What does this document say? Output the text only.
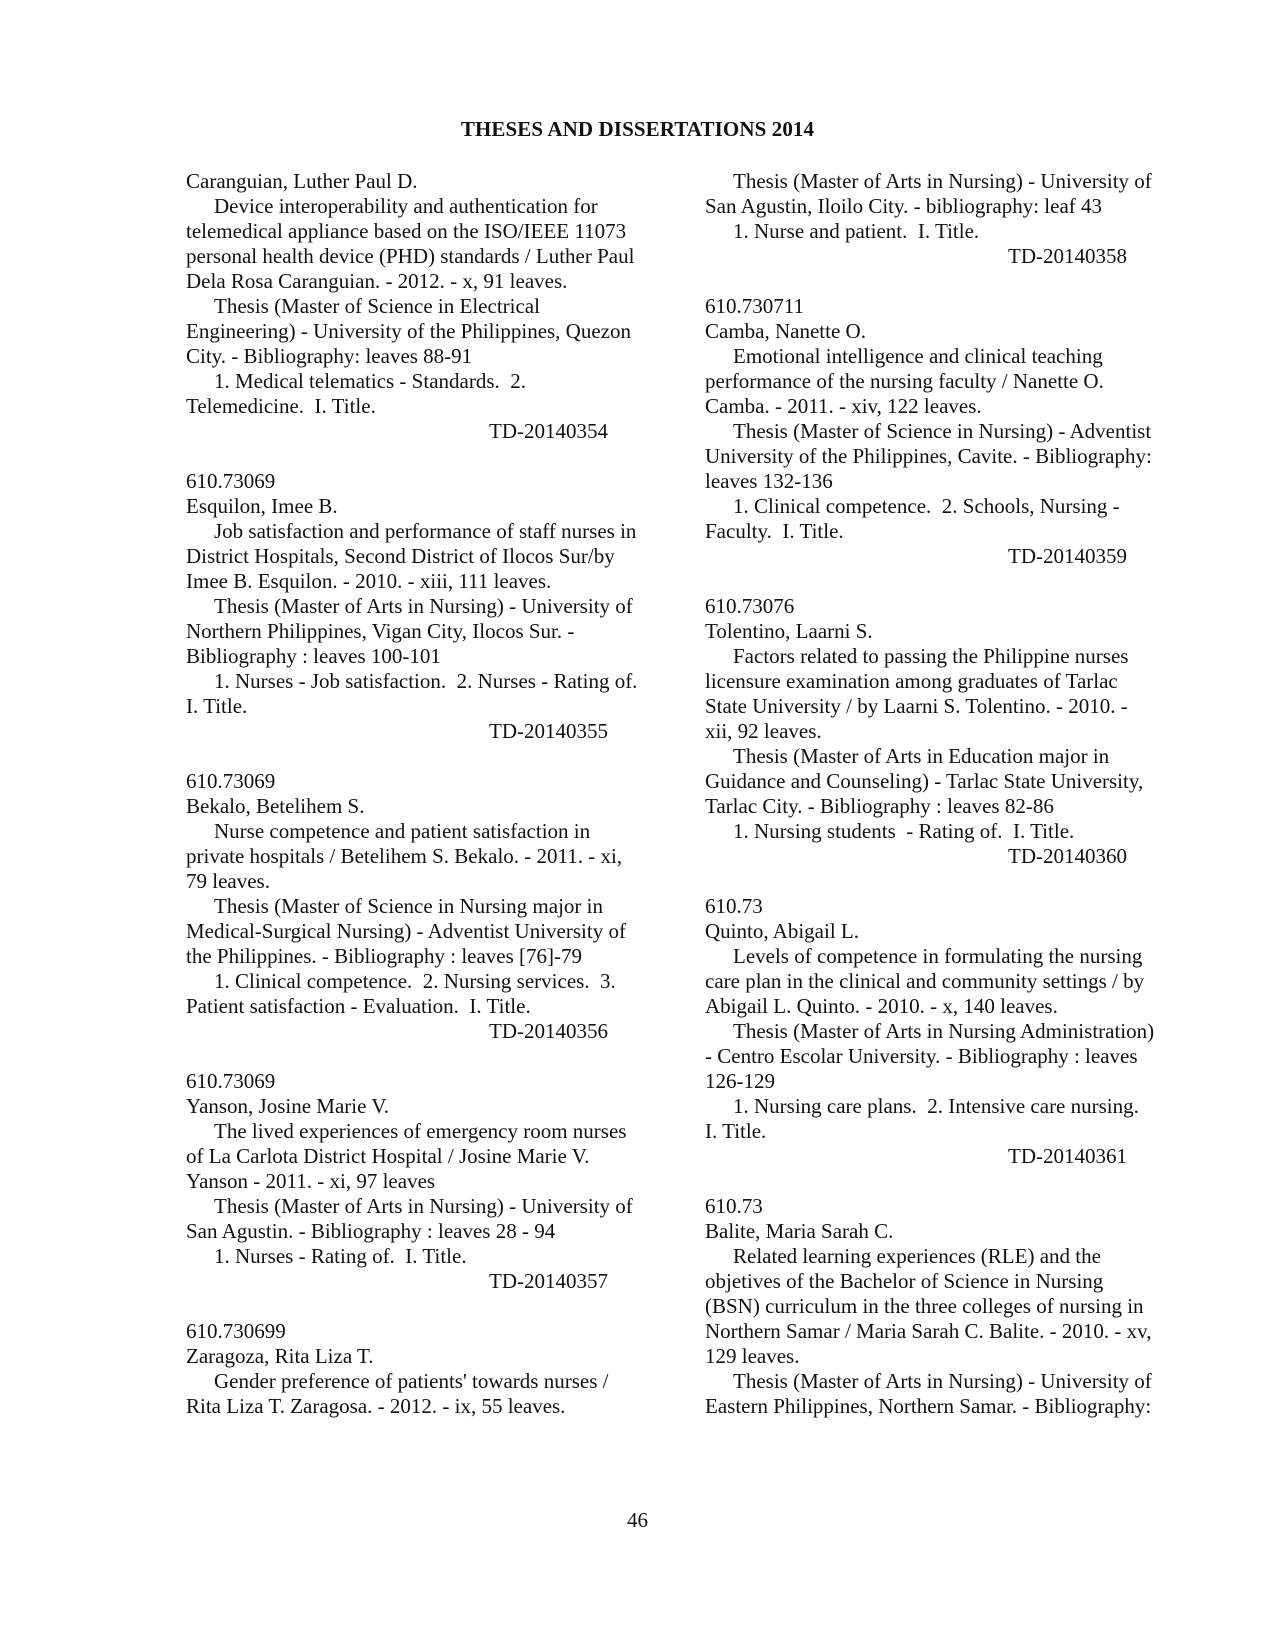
THESES AND DISSERTATIONS 2014
Caranguian, Luther Paul D.
Device interoperability and authentication for
telemedical appliance based on the ISO/IEEE 11073
personal health device (PHD) standards / Luther Paul
Dela Rosa Caranguian. - 2012. - x, 91 leaves.
Thesis (Master of Science in Electrical
Engineering) - University of the Philippines, Quezon
City. - Bibliography: leaves 88-91
1. Medical telematics - Standards.  2.
Telemedicine.  I. Title.
TD-20140354
610.73069
Esquilon, Imee B.
Job satisfaction and performance of staff nurses in
District Hospitals, Second District of Ilocos Sur/by
Imee B. Esquilon. - 2010. - xiii, 111 leaves.
Thesis (Master of Arts in Nursing) - University of
Northern Philippines, Vigan City, Ilocos Sur. -
Bibliography : leaves 100-101
1. Nurses - Job satisfaction.  2. Nurses - Rating of.
I. Title.
TD-20140355
610.73069
Bekalo, Betelihem S.
Nurse competence and patient satisfaction in
private hospitals / Betelihem S. Bekalo. - 2011. - xi,
79 leaves.
Thesis (Master of Science in Nursing major in
Medical-Surgical Nursing) - Adventist University of
the Philippines. - Bibliography : leaves [76]-79
1. Clinical competence.  2. Nursing services.  3.
Patient satisfaction - Evaluation.  I. Title.
TD-20140356
610.73069
Yanson, Josine Marie V.
The lived experiences of emergency room nurses
of La Carlota District Hospital / Josine Marie V.
Yanson - 2011. - xi, 97 leaves
Thesis (Master of Arts in Nursing) - University of
San Agustin. - Bibliography : leaves 28 - 94
1. Nurses - Rating of.  I. Title.
TD-20140357
610.730699
Zaragoza, Rita Liza T.
Gender preference of patients' towards nurses /
Rita Liza T. Zaragosa. - 2012. - ix, 55 leaves.
Thesis (Master of Arts in Nursing) - University of
San Agustin, Iloilo City. - bibliography: leaf 43
1. Nurse and patient.  I. Title.
TD-20140358
610.730711
Camba, Nanette O.
Emotional intelligence and clinical teaching
performance of the nursing faculty / Nanette O.
Camba. - 2011. - xiv, 122 leaves.
Thesis (Master of Science in Nursing) - Adventist
University of the Philippines, Cavite. - Bibliography:
leaves 132-136
1. Clinical competence.  2. Schools, Nursing -
Faculty.  I. Title.
TD-20140359
610.73076
Tolentino, Laarni S.
Factors related to passing the Philippine nurses
licensure examination among graduates of Tarlac
State University / by Laarni S. Tolentino. - 2010. -
xii, 92 leaves.
Thesis (Master of Arts in Education major in
Guidance and Counseling) - Tarlac State University,
Tarlac City. - Bibliography : leaves 82-86
1. Nursing students  - Rating of.  I. Title.
TD-20140360
610.73
Quinto, Abigail L.
Levels of competence in formulating the nursing
care plan in the clinical and community settings / by
Abigail L. Quinto. - 2010. - x, 140 leaves.
Thesis (Master of Arts in Nursing Administration)
- Centro Escolar University. - Bibliography : leaves
126-129
1. Nursing care plans.  2. Intensive care nursing.
I. Title.
TD-20140361
610.73
Balite, Maria Sarah C.
Related learning experiences (RLE) and the
objetives of the Bachelor of Science in Nursing
(BSN) curriculum in the three colleges of nursing in
Northern Samar / Maria Sarah C. Balite. - 2010. - xv,
129 leaves.
Thesis (Master of Arts in Nursing) - University of
Eastern Philippines, Northern Samar. - Bibliography:
46
